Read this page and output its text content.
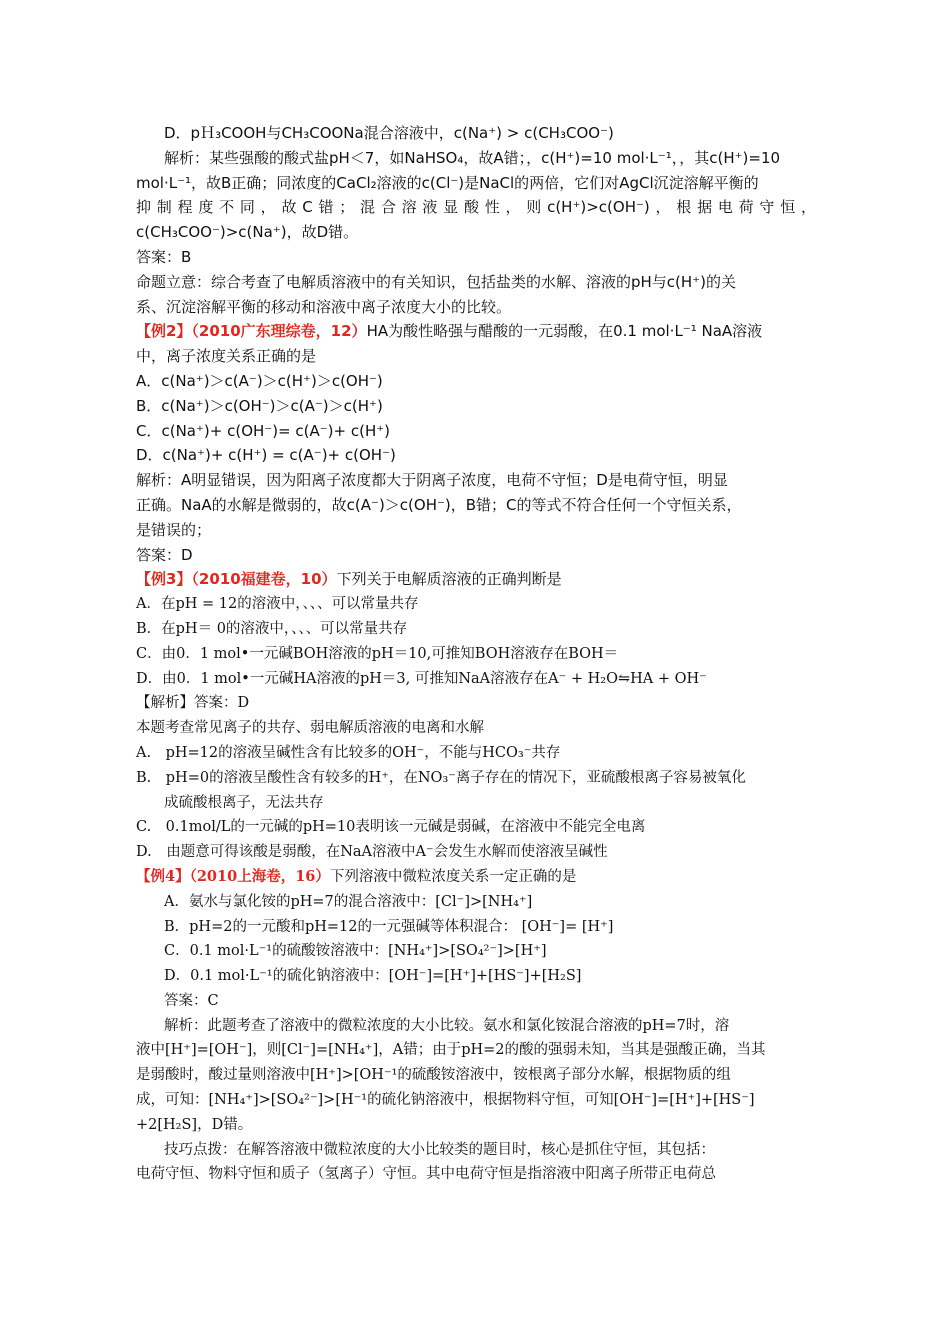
D．pＨ₃COOH与CH₃COONa混合溶液中，c(Na⁺) > c(CH₃COO⁻)
解析：某些强酸的酸式盐pH＜7，如NaHSO₄，故A错；，c(H⁺)=10 mol·L⁻¹，，其c(H⁺)=10
mol·L⁻¹，故B正确；同浓度的CaCl₂溶液的c(Cl⁻)是NaCl的两倍，它们对AgCl沉淀溶解平衡的
抑制程度不同，故C错；混合溶液显酸性，则c(H⁺)>c(OH⁻)，根据电荷守恒，
c(CH₃COO⁻)>c(Na⁺)，故D错。
答案：B
命题立意：综合考查了电解质溶液中的有关知识，包括盐类的水解、溶液的pH与c(H⁺)的关
系、沉淀溶解平衡的移动和溶液中离子浓度大小的比较。
【例2】（2010广东理综卷，12）HA为酸性略强与醋酸的一元弱酸，在0.1 mol·L⁻¹ NaA溶液
中，离子浓度关系正确的是
A．c(Na⁺)＞c(A⁻)＞c(H⁺)＞c(OH⁻)
B．c(Na⁺)＞c(OH⁻)＞c(A⁻)＞c(H⁺)
C．c(Na⁺)+ c(OH⁻)= c(A⁻)+ c(H⁺)
D．c(Na⁺)+ c(H⁺) = c(A⁻)+ c(OH⁻)
解析：A明显错误，因为阳离子浓度都大于阴离子浓度，电荷不守恒；D是电荷守恒，明显
正确。NaA的水解是微弱的，故c(A⁻)＞c(OH⁻)，B错；C的等式不符合任何一个守恒关系，
是错误的；
答案：D
【例3】（2010福建卷，10）下列关于电解质溶液的正确判断是
A．在pH = 12的溶液中，、、、可以常量共存
B．在pH＝ 0的溶液中，、、、可以常量共存
C．由0．1 mol•一元碱BOH溶液的pH＝10,可推知BOH溶液存在BOH＝
D．由0．1 mol•一元碱HA溶液的pH＝3, 可推知NaA溶液存在A⁻ + H₂O⇋HA + OH⁻
【解析】答案：D
本题考查常见离子的共存、弱电解质溶液的电离和水解
A.　pH=12的溶液呈碱性含有比较多的OH⁻，不能与HCO₃⁻共存
B.　pH=0的溶液呈酸性含有较多的H⁺，在NO₃⁻离子存在的情况下，亚硫酸根离子容易被氧化
成硫酸根离子，无法共存
C.　0.1mol/L的一元碱的pH=10表明该一元碱是弱碱，在溶液中不能完全电离
D.　由题意可得该酸是弱酸，在NaA溶液中A⁻会发生水解而使溶液呈碱性
【例4】（2010上海卷，16）下列溶液中微粒浓度关系一定正确的是
A．氨水与氯化铵的pH=7的混合溶液中：[Cl⁻]>[NH₄⁺]
B．pH=2的一元酸和pH=12的一元强碱等体积混合： [OH⁻]= [H⁺]
C．0.1 mol·L⁻¹的硫酸铵溶液中：[NH₄⁺]>[SO₄²⁻]>[H⁺]
D．0.1 mol·L⁻¹的硫化钠溶液中：[OH⁻]=[H⁺]+[HS⁻]+[H₂S]
答案：C
解析：此题考查了溶液中的微粒浓度的大小比较。氨水和氯化铵混合溶液的pH=7时，溶
液中[H⁺]=[OH⁻]，则[Cl⁻]=[NH₄⁺]，A错；由于pH=2的酸的强弱未知，当其是强酸正确，当其
是弱酸时，酸过量则溶液中[H⁺]>[OH⁻¹的硫酸铵溶液中，铵根离子部分水解，根据物质的组
成，可知：[NH₄⁺]>[SO₄²⁻]>[H⁻¹的硫化钠溶液中，根据物料守恒，可知[OH⁻]=[H⁺]+[HS⁻]
+2[H₂S]，D错。
技巧点拨：在解答溶液中微粒浓度的大小比较类的题目时，核心是抓住守恒，其包括：
电荷守恒、物料守恒和质子（氢离子）守恒。其中电荷守恒是指溶液中阳离子所带正电荷总
